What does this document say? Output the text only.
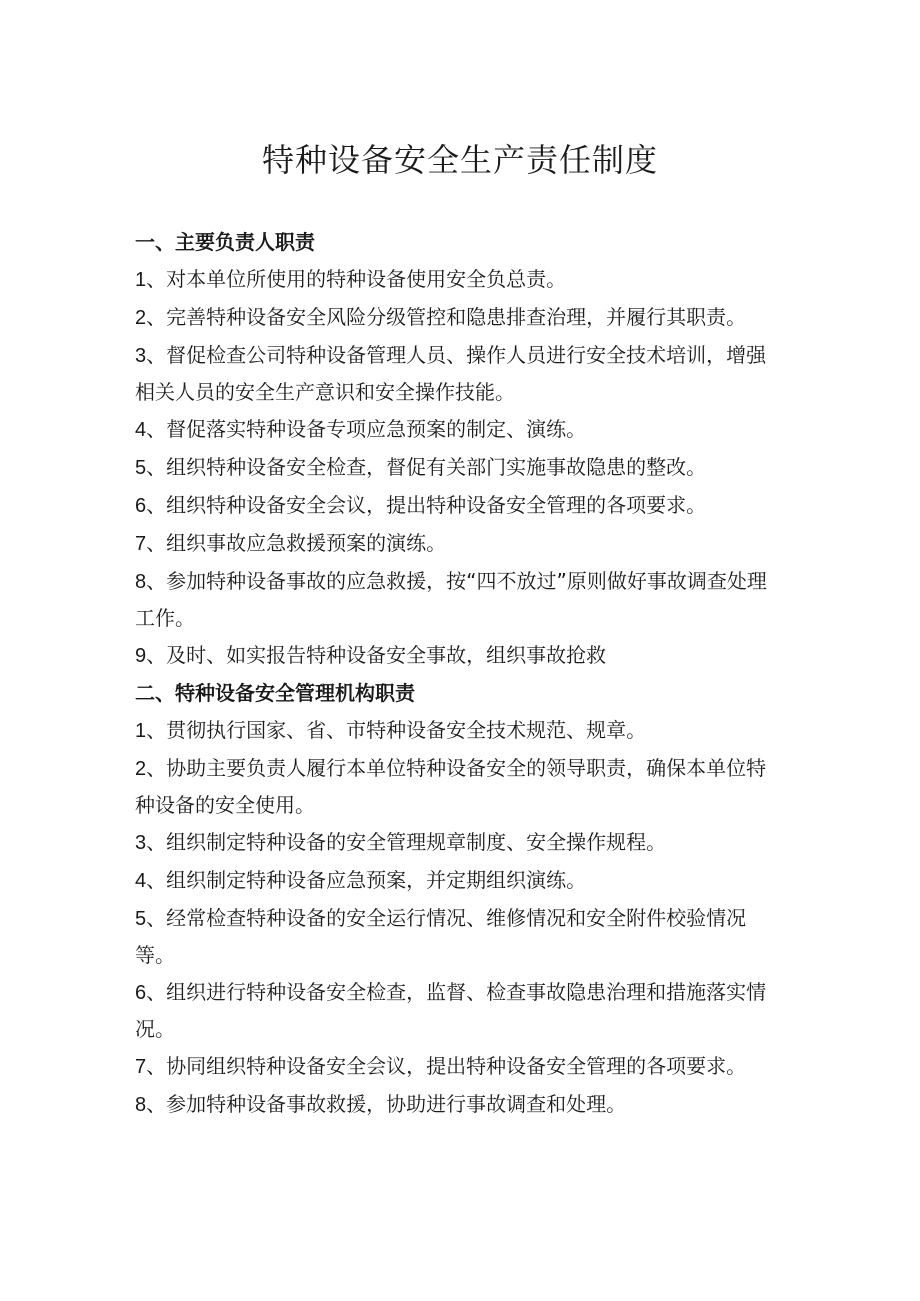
特种设备安全生产责任制度
一、主要负责人职责
1、对本单位所使用的特种设备使用安全负总责。
2、完善特种设备安全风险分级管控和隐患排查治理，并履行其职责。
3、督促检查公司特种设备管理人员、操作人员进行安全技术培训，增强相关人员的安全生产意识和安全操作技能。
4、督促落实特种设备专项应急预案的制定、演练。
5、组织特种设备安全检查，督促有关部门实施事故隐患的整改。
6、组织特种设备安全会议，提出特种设备安全管理的各项要求。
7、组织事故应急救援预案的演练。
8、参加特种设备事故的应急救援，按“四不放过”原则做好事故调查处理工作。
9、及时、如实报告特种设备安全事故，组织事故抢救
二、特种设备安全管理机构职责
1、贯彻执行国家、省、市特种设备安全技术规范、规章。
2、协助主要负责人履行本单位特种设备安全的领导职责，确保本单位特种设备的安全使用。
3、组织制定特种设备的安全管理规章制度、安全操作规程。
4、组织制定特种设备应急预案，并定期组织演练。
5、经常检查特种设备的安全运行情况、维修情况和安全附件校验情况等。
6、组织进行特种设备安全检查，监督、检查事故隐患治理和措施落实情况。
7、协同组织特种设备安全会议，提出特种设备安全管理的各项要求。
8、参加特种设备事故救援，协助进行事故调查和处理。
